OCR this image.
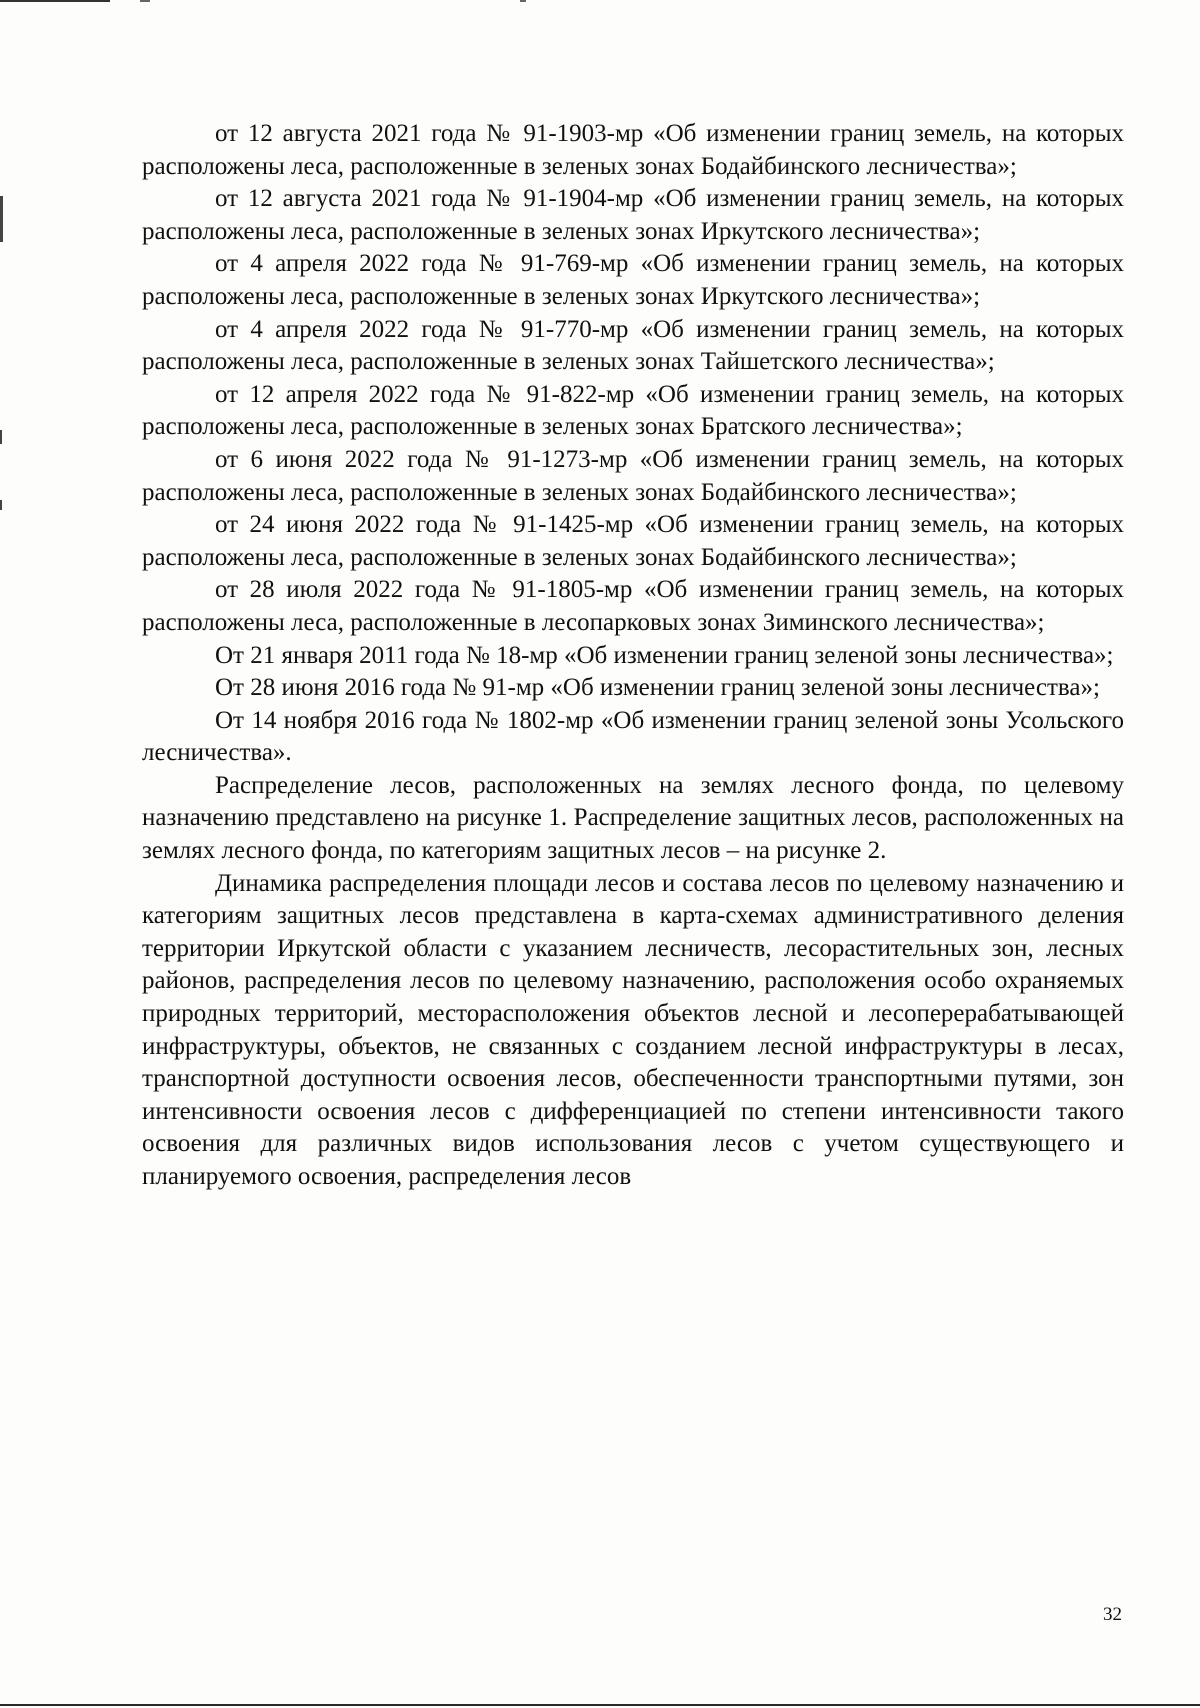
от 12 августа 2021 года № 91-1903-мр «Об изменении границ земель, на которых расположены леса, расположенные в зеленых зонах Бодайбинского лесничества»;

от 12 августа 2021 года № 91-1904-мр «Об изменении границ земель, на которых расположены леса, расположенные в зеленых зонах Иркутского лесничества»;

от 4 апреля 2022 года № 91-769-мр «Об изменении границ земель, на которых расположены леса, расположенные в зеленых зонах Иркутского лесничества»;

от 4 апреля 2022 года № 91-770-мр «Об изменении границ земель, на которых расположены леса, расположенные в зеленых зонах Тайшетского лесничества»;

от 12 апреля 2022 года № 91-822-мр «Об изменении границ земель, на которых расположены леса, расположенные в зеленых зонах Братского лесничества»;

от 6 июня 2022 года № 91-1273-мр «Об изменении границ земель, на которых расположены леса, расположенные в зеленых зонах Бодайбинского лесничества»;

от 24 июня 2022 года № 91-1425-мр «Об изменении границ земель, на которых расположены леса, расположенные в зеленых зонах Бодайбинского лесничества»;

от 28 июля 2022 года № 91-1805-мр «Об изменении границ земель, на которых расположены леса, расположенные в лесопарковых зонах Зиминского лесничества»;

От 21 января 2011 года № 18-мр «Об изменении границ зеленой зоны лесничества»;

От 28 июня 2016 года № 91-мр «Об изменении границ зеленой зоны лесничества»;

От 14 ноября 2016 года № 1802-мр «Об изменении границ зеленой зоны Усольского лесничества».

Распределение лесов, расположенных на землях лесного фонда, по целевому назначению представлено на рисунке 1. Распределение защитных лесов, расположенных на землях лесного фонда, по категориям защитных лесов – на рисунке 2.

Динамика распределения площади лесов и состава лесов по целевому назначению и категориям защитных лесов представлена в карта-схемах административного деления территории Иркутской области с указанием лесничеств, лесорастительных зон, лесных районов, распределения лесов по целевому назначению, расположения особо охраняемых природных территорий, месторасположения объектов лесной и лесоперерабатывающей инфраструктуры, объектов, не связанных с созданием лесной инфраструктуры в лесах, транспортной доступности освоения лесов, обеспеченности транспортными путями, зон интенсивности освоения лесов с дифференциацией по степени интенсивности такого освоения для различных видов использования лесов с учетом существующего и планируемого освоения, распределения лесов

32
